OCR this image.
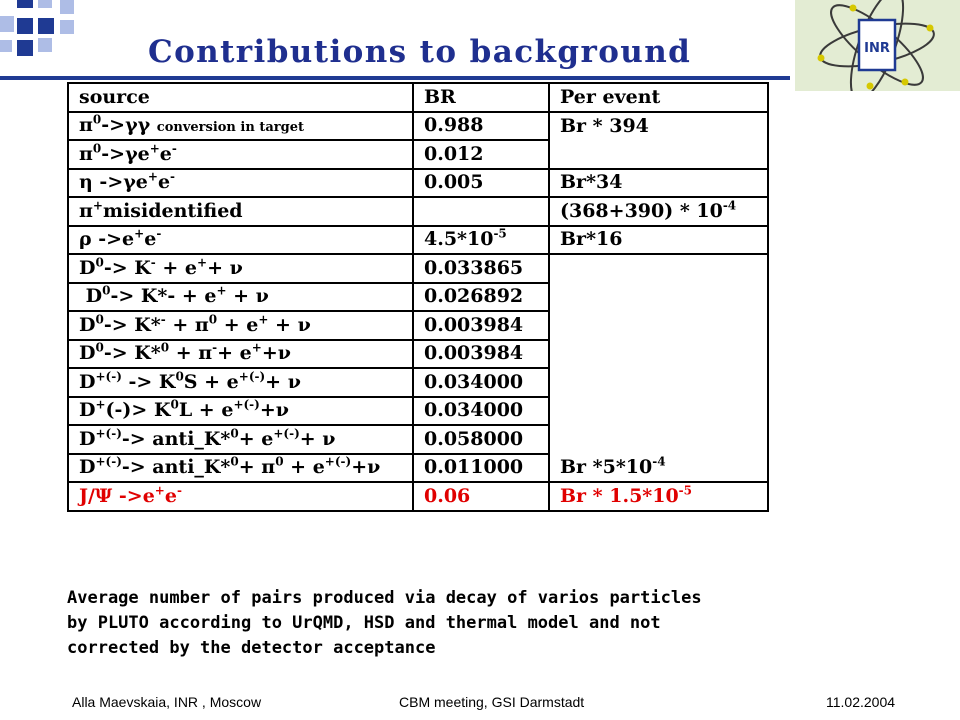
Contributions to background	INR
source	BR	Per event
$\pi^0->\gamma\gamma$ conversion in target	0.988	Br * 394
$\pi^0->\gamma e^+e^-$	0.012	
η ->γe+e-	0.005	Br*34
π+misidentified		$(368+390) * 10^{-4}$
ρ ->e+e-	$4.5*10^{-5}$	Br*16
$D^0-> K^- + e^++ \nu$	0.033865	
$D^0-> K*- + e^+ + \nu$	0.026892	
$D^0-> K*^- + \pi^0 + e^+ + \nu$	0.003984	
$D^0-> K*^0 + \pi^-+ e^++\nu$	0.003984	
$D^{+(-)} -> K^0S + e^{+(-)}+ \nu$	0.034000	
$D^+(-)> K^0L + e^{+(-)}+\nu$	0.034000	
D+(-)-> anti_K*$^0$+ e+(-)+ ν	0.058000	
D+(-)-> anti_K*$^0$+ $\pi^0 + e^{+(-)}+\nu$	0.011000	Br $*5*10^{-4}$
J/Ψ ->e+e-	0.06	Br * $1.5*10^{-5}$
Average number of pairs produced via decay of varios particles
by PLUTO according to UrQMD, HSD and thermal model and not
corrected by the detector acceptance
Alla Maevskaia, INR , Moscow	CBM meeting, GSI Darmstadt	11.02.2004
